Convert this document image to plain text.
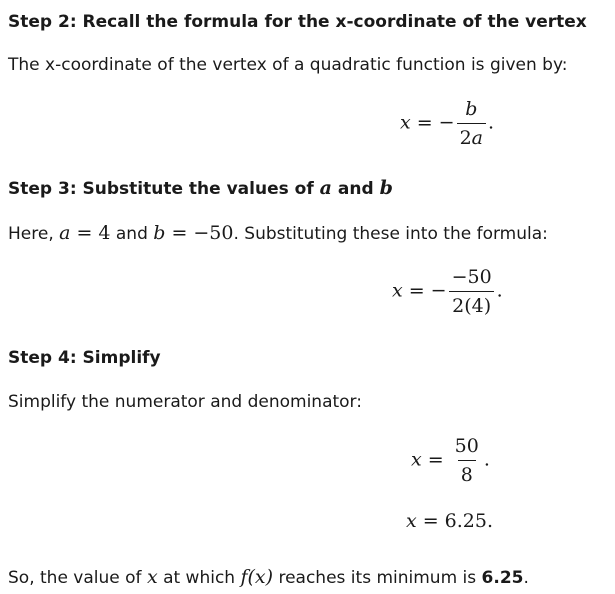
Step 2: Recall the formula for the x-coordinate of the vertex
The x-coordinate of the vertex of a quadratic function is given by:
x = − $\frac{b}{2a}$ .
Step 3: Substitute the values of a and b
Here, a = 4 and b = −50. Substituting these into the formula:
x = − $\frac{-50}{2(4)}$ .
Step 4: Simplify
Simplify the numerator and denominator:
$x = \frac{50}{8}$ .
x = 6.25.
So, the value of x at which f(x) reaches its minimum is 6.25.
